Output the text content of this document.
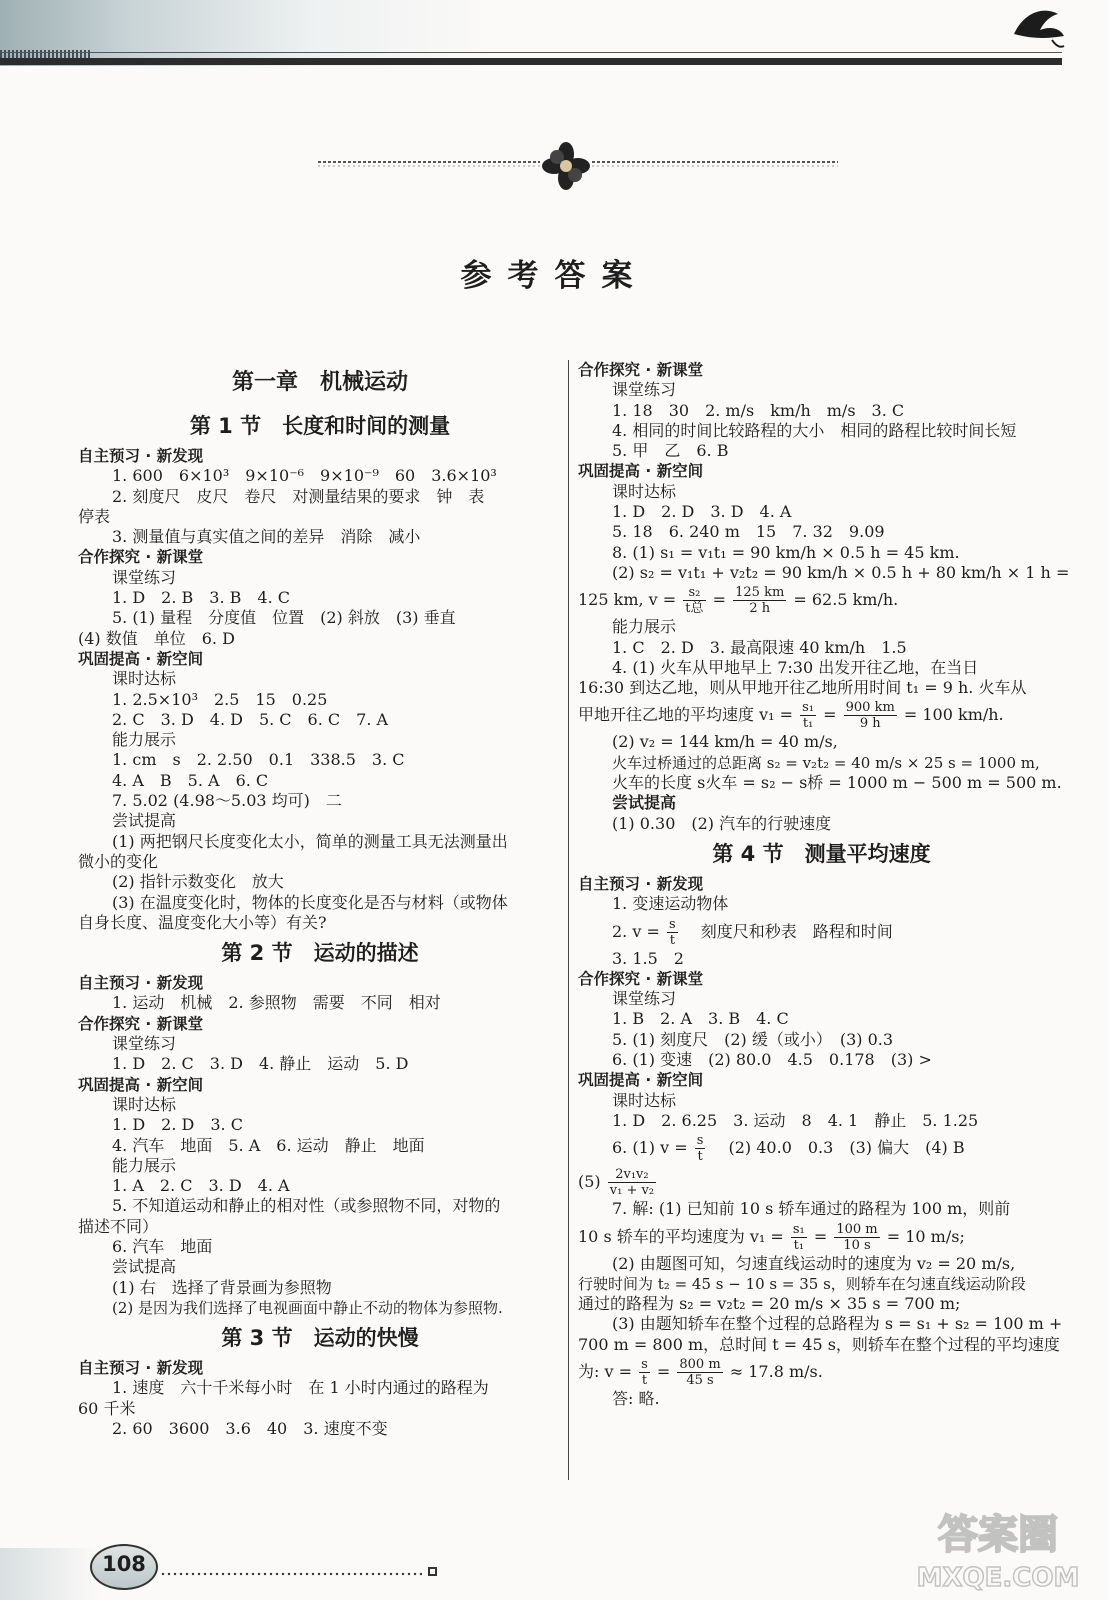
参考答案
第一章　机械运动
第 1 节　长度和时间的测量
自主预习 · 新发现
1. 600　6×10³　9×10⁻⁶　9×10⁻⁹　60　3.6×10³
2. 刻度尺　皮尺　卷尺　对测量结果的要求　钟　表
停表
3. 测量值与真实值之间的差异　消除　减小
合作探究 · 新课堂
课堂练习
1. D　2. B　3. B　4. C
5. (1) 量程　分度值　位置　(2) 斜放　(3) 垂直
(4) 数值　单位　6. D
巩固提高 · 新空间
课时达标
1. 2.5×10³　2.5　15　0.25
2. C　3. D　4. D　5. C　6. C　7. A
能力展示
1. cm　s　2. 2.50　0.1　338.5　3. C
4. A　B　5. A　6. C
7. 5.02 (4.98～5.03 均可)　二
尝试提高
(1) 两把钢尺长度变化太小，简单的测量工具无法测量出
微小的变化
(2) 指针示数变化　放大
(3) 在温度变化时，物体的长度变化是否与材料（或物体
自身长度、温度变化大小等）有关?
第 2 节　运动的描述
自主预习 · 新发现
1. 运动　机械　2. 参照物　需要　不同　相对
合作探究 · 新课堂
课堂练习
1. D　2. C　3. D　4. 静止　运动　5. D
巩固提高 · 新空间
课时达标
1. D　2. D　3. C
4. 汽车　地面　5. A　6. 运动　静止　地面
能力展示
1. A　2. C　3. D　4. A
5. 不知道运动和静止的相对性（或参照物不同，对物的
描述不同）
6. 汽车　地面
尝试提高
(1) 右　选择了背景画为参照物
(2) 是因为我们选择了电视画面中静止不动的物体为参照物.
第 3 节　运动的快慢
自主预习 · 新发现
1. 速度　六十千米每小时　在 1 小时内通过的路程为
60 千米
2. 60　3600　3.6　40　3. 速度不变
合作探究 · 新课堂
课堂练习
1. 18　30　2. m/s　km/h　m/s　3. C
4. 相同的时间比较路程的大小　相同的路程比较时间长短
5. 甲　乙　6. B
巩固提高 · 新空间
课时达标
1. D　2. D　3. D　4. A
5. 18　6. 240 m　15　7. 32　9.09
8. (1) s₁ = v₁t₁ = 90 km/h × 0.5 h = 45 km.
(2) s₂ = v₁t₁ + v₂t₂ = 90 km/h × 0.5 h + 80 km/h × 1 h =
125 km, $v = \frac{\text{s₂}}{\text{t总}} = \frac{125 km}{2 h} = 62.5$ km/h.
能力展示
1. C　2. D　3. 最高限速 40 km/h　1.5
4. (1) 火车从甲地早上 7:30 出发开往乙地，在当日
16:30 到达乙地，则从甲地开往乙地所用时间 t₁ = 9 h. 火车从
甲地开往乙地的平均速度 $v_1 = \frac{\text{s₁}}{\text{t₁}} = \frac{900 km}{9 h} = 100$ km/h.
(2) v₂ = 144 km/h = 40 m/s,
火车过桥通过的总距离 s₂ = v₂t₂ = 40 m/s × 25 s = 1000 m,
火车的长度 s火车 = s₂ − s桥 = 1000 m − 500 m = 500 m.
尝试提高
(1) 0.30　(2) 汽车的行驶速度
第 4 节　测量平均速度
自主预习 · 新发现
1. 变速运动物体
2. $v = \frac{s}{t}$ 　刻度尺和秒表　路程和时间
3. 1.5　2
合作探究 · 新课堂
课堂练习
1. B　2. A　3. B　4. C
5. (1) 刻度尺　(2) 缓（或小）　(3) 0.3
6. (1) 变速　(2) 80.0　4.5　0.178　(3) >
巩固提高 · 新空间
课时达标
1. D　2. 6.25　3. 运动　8　4. 1　静止　5. 1.25
6. (1) $v = \frac{s}{t}$ 　(2) 40.0　0.3　(3) 偏大　(4) B
$(5) \frac{\text{2v₁v₂}}{\text{v₁ + v₂}}$
7. 解: (1) 已知前 10 s 轿车通过的路程为 100 m，则前
10 s 轿车的平均速度为 $v_1 = \frac{\text{s₁}}{\text{t₁}} = \frac{100 m}{10 s} = 10$ m/s;
(2) 由题图可知，匀速直线运动时的速度为 v₂ = 20 m/s,
行驶时间为 t₂ = 45 s − 10 s = 35 s，则轿车在匀速直线运动阶段
通过的路程为 s₂ = v₂t₂ = 20 m/s × 35 s = 700 m;
(3) 由题知轿车在整个过程的总路程为 s = s₁ + s₂ = 100 m +
700 m = 800 m，总时间 t = 45 s，则轿车在整个过程的平均速度
为: $v = \frac{s}{t} = \frac{800 m}{45 s} \approx 17.8$ m/s.
答: 略.
108
答案圈
MXQE.COM
